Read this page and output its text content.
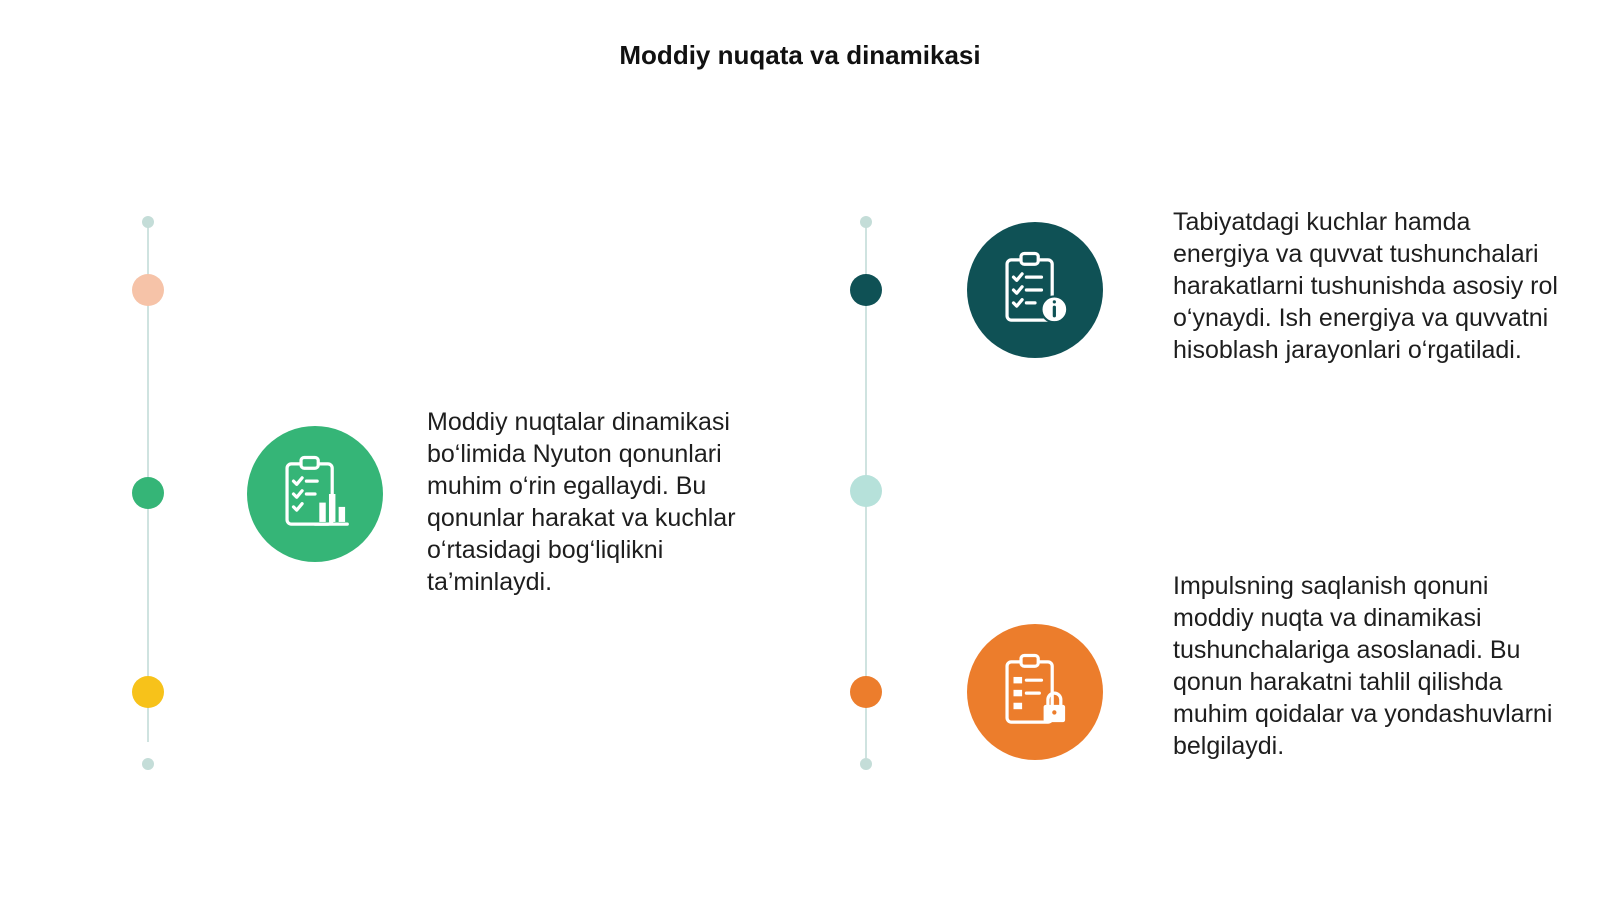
Moddiy nuqata va dinamikasi
Moddiy nuqtalar dinamikasi bo‘limida Nyuton qonunlari muhim o‘rin egallaydi. Bu qonunlar harakat va kuchlar o‘rtasidagi bog‘liqlikni ta’minlaydi.
Tabiyatdagi kuchlar hamda energiya va quvvat tushunchalari harakatlarni tushunishda asosiy rol o‘ynaydi. Ish energiya va quvvatni hisoblash jarayonlari o‘rgatiladi.
Impulsning saqlanish qonuni moddiy nuqta va dinamikasi tushunchalariga asoslanadi. Bu qonun harakatni tahlil qilishda muhim qoidalar va yondashuvlarni belgilaydi.
